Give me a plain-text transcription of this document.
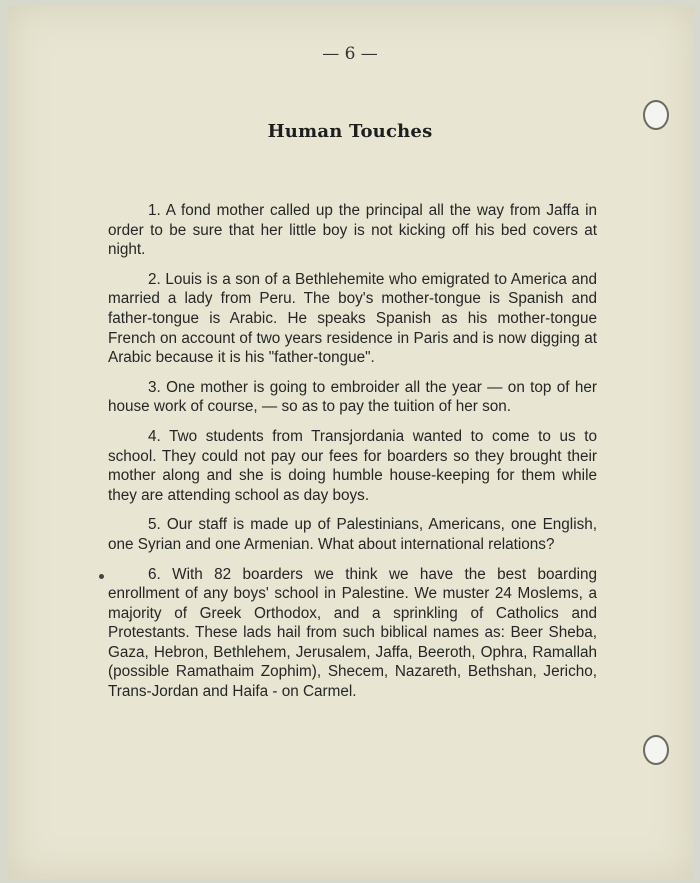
— 6 —
Human Touches

1. A fond mother called up the principal all the way from Jaffa in order to be sure that her little boy is not kicking off his bed covers at night.

2. Louis is a son of a Bethlehemite who emigrated to America and married a lady from Peru. The boy's mother-tongue is Spanish and father-tongue is Arabic. He speaks Spanish as his mother-tongue French on account of two years residence in Paris and is now digging at Arabic because it is his "father-tongue".

3. One mother is going to embroider all the year — on top of her house work of course, — so as to pay the tuition of her son.

4. Two students from Transjordania wanted to come to us to school. They could not pay our fees for boarders so they brought their mother along and she is doing humble house-keeping for them while they are attending school as day boys.

5. Our staff is made up of Palestinians, Americans, one English, one Syrian and one Armenian. What about international relations?

6. With 82 boarders we think we have the best boarding enrollment of any boys' school in Palestine. We muster 24 Moslems, a majority of Greek Orthodox, and a sprinkling of Catholics and Protestants. These lads hail from such biblical names as: Beer Sheba, Gaza, Hebron, Bethlehem, Jerusalem, Jaffa, Beeroth, Ophra, Ramallah (possible Ramathaim Zophim), Shecem, Nazareth, Bethshan, Jericho, Trans-Jordan and Haifa - on Carmel.
